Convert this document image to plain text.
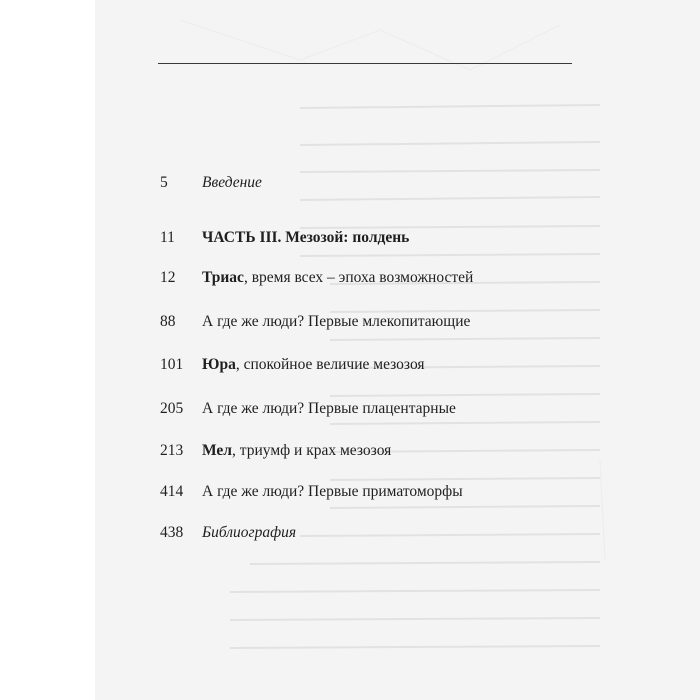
5	Введение
11	ЧАСТЬ III. Мезозой: полдень
12	Триас, время всех – эпоха возможностей
88	А где же люди? Первые млекопитающие
101	Юра, спокойное величие мезозоя
205	А где же люди? Первые плацентарные
213	Мел, триумф и крах мезозоя
414	А где же люди? Первые приматоморфы
438	Библиография
